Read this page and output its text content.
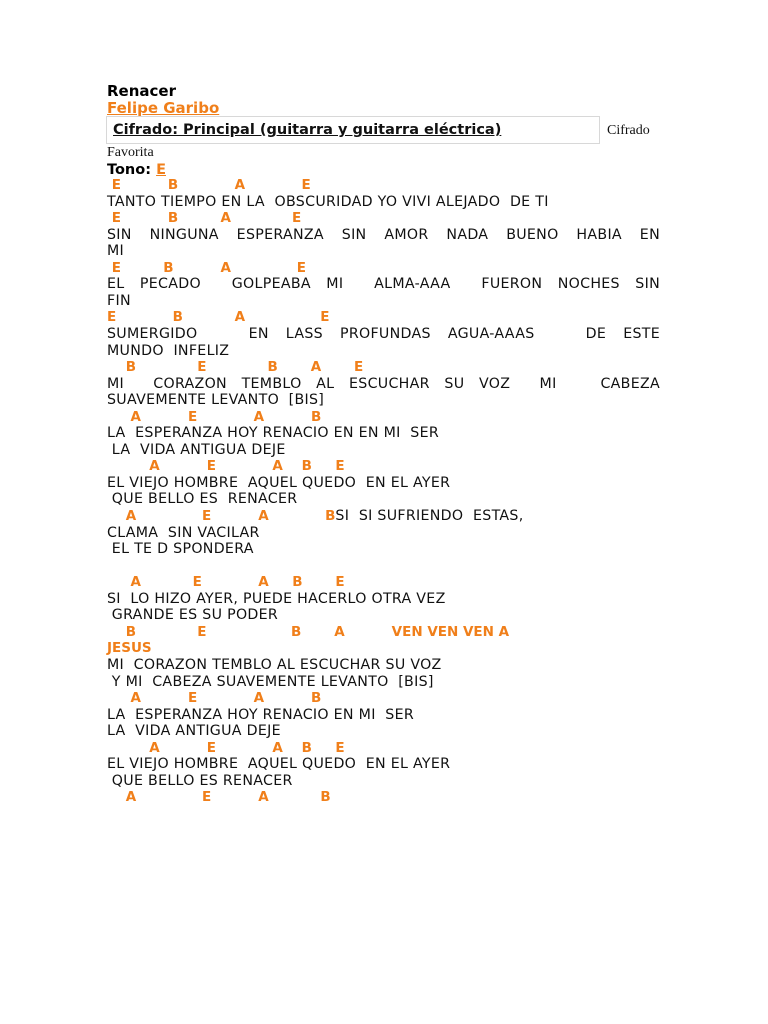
Renacer
Felipe Garibo
Cifrado: Principal (guitarra y guitarra eléctrica)	Cifrado
Favorita
Tono: E
E          B            A            E
TANTO TIEMPO EN LA  OBSCURIDAD YO VIVI ALEJADO  DE TI
E          B         A             E
SIN NINGUNA ESPERANZA SIN AMOR NADA BUENO HABIA EN
MI
E         B          A              E
EL PECADO  GOLPEABA MI  ALMA-AAA  FUERON NOCHES SIN
FIN
E            B           A                E
SUMERGIDO   EN LASS PROFUNDAS AGUA-AAAS   DE ESTE
MUNDO  INFELIZ
B             E             B       A       E
MI  CORAZON TEMBLO AL ESCUCHAR SU VOZ  MI   CABEZA
SUAVEMENTE LEVANTO  [BIS]
A          E            A          B
LA  ESPERANZA HOY RENACIO EN EN MI  SER
LA  VIDA ANTIGUA DEJE
A          E            A    B     E
EL VIEJO HOMBRE  AQUEL QUEDO  EN EL AYER
QUE BELLO ES  RENACER
A              E          A            BSI  SI SUFRIENDO  ESTAS,
CLAMA  SIN VACILAR
EL TE D SPONDERA
A           E            A     B       E
SI  LO HIZO AYER, PUEDE HACERLO OTRA VEZ
GRANDE ES SU PODER
B             E                  B       A          VEN VEN VEN A
JESUS
MI  CORAZON TEMBLO AL ESCUCHAR SU VOZ
Y MI  CABEZA SUAVEMENTE LEVANTO  [BIS]
A          E            A          B
LA  ESPERANZA HOY RENACIO EN MI  SER
LA  VIDA ANTIGUA DEJE
A          E            A    B     E
EL VIEJO HOMBRE  AQUEL QUEDO  EN EL AYER
QUE BELLO ES RENACER
A              E          A           B
